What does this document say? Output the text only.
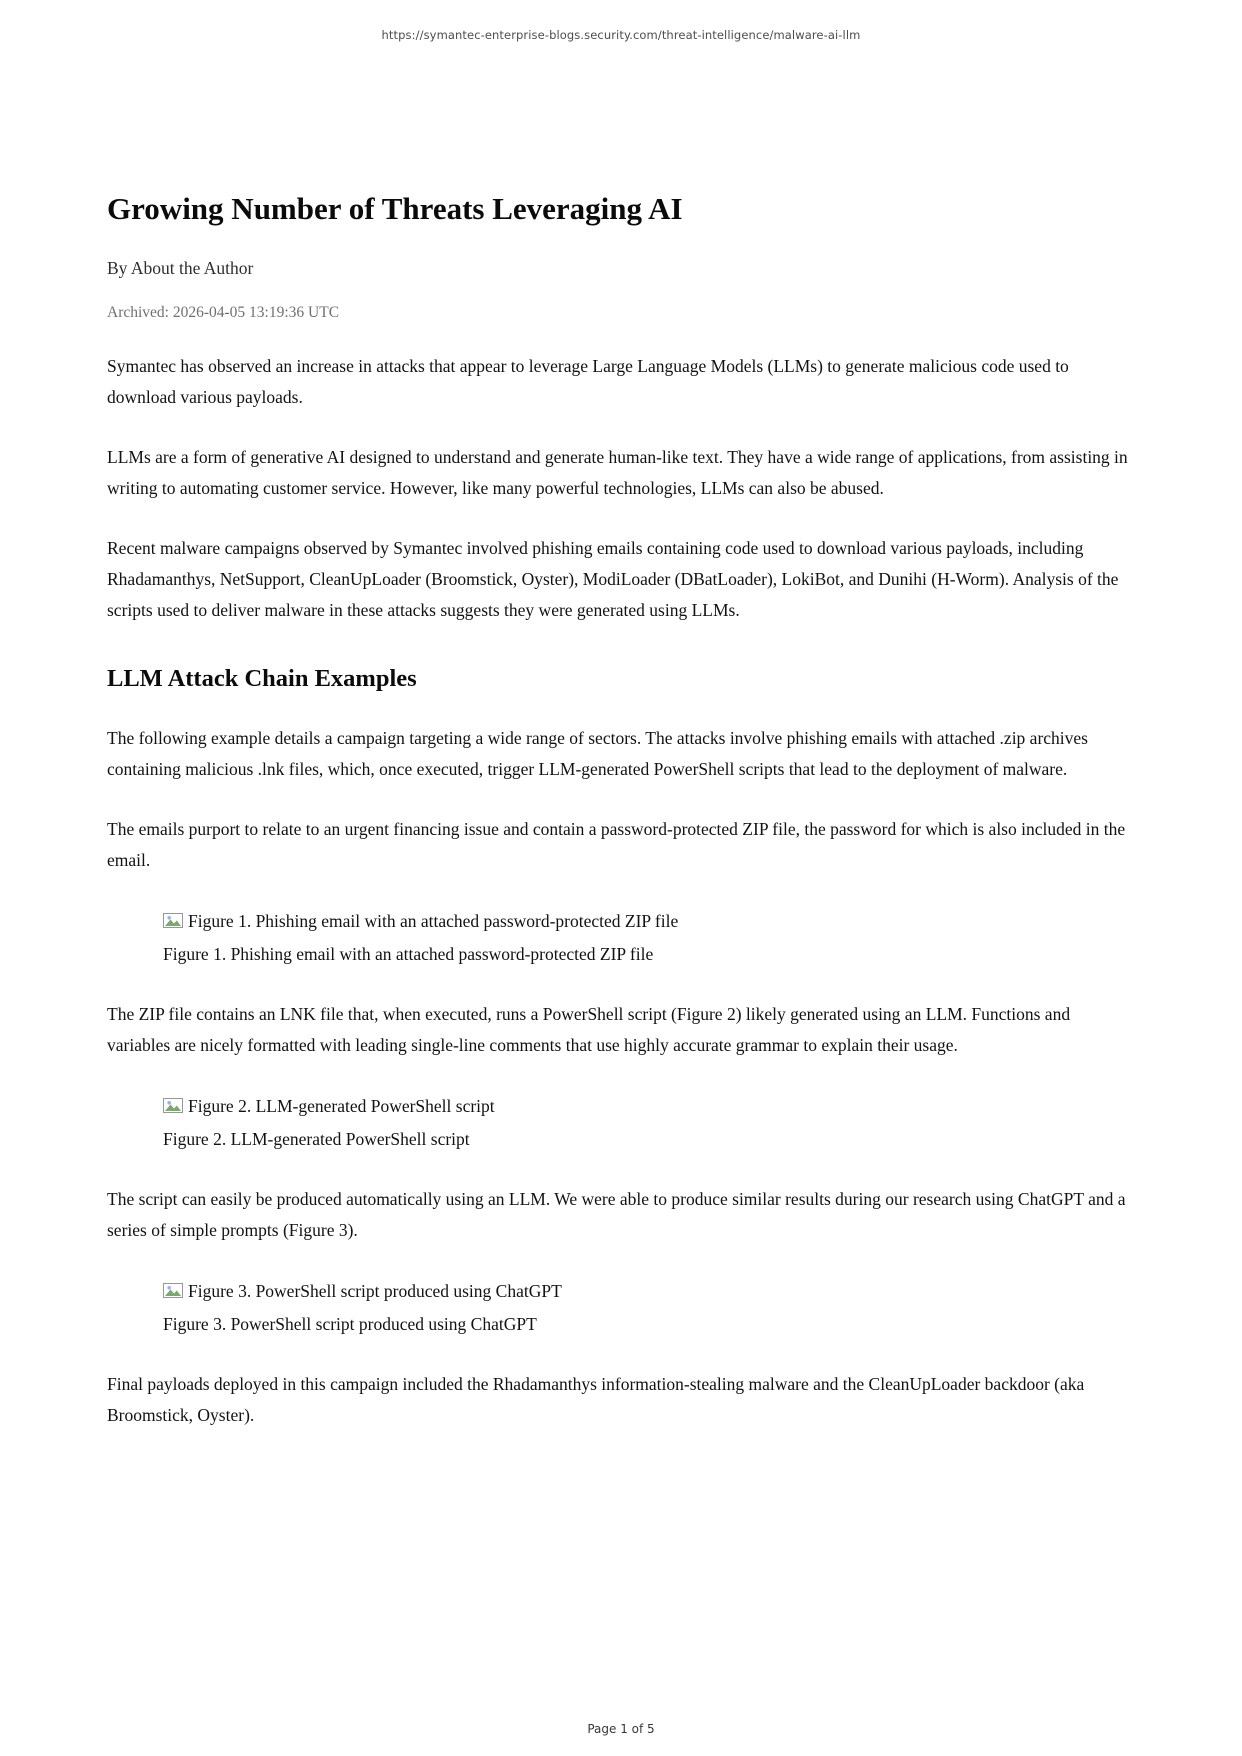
https://symantec-enterprise-blogs.security.com/threat-intelligence/malware-ai-llm
Growing Number of Threats Leveraging AI
By About the Author
Archived: 2026-04-05 13:19:36 UTC

Symantec has observed an increase in attacks that appear to leverage Large Language Models (LLMs) to generate malicious code used to download various payloads.

LLMs are a form of generative AI designed to understand and generate human-like text. They have a wide range of applications, from assisting in writing to automating customer service. However, like many powerful technologies, LLMs can also be abused.

Recent malware campaigns observed by Symantec involved phishing emails containing code used to download various payloads, including Rhadamanthys, NetSupport, CleanUpLoader (Broomstick, Oyster), ModiLoader (DBatLoader), LokiBot, and Dunihi (H-Worm). Analysis of the scripts used to deliver malware in these attacks suggests they were generated using LLMs.

LLM Attack Chain Examples

The following example details a campaign targeting a wide range of sectors. The attacks involve phishing emails with attached .zip archives containing malicious .lnk files, which, once executed, trigger LLM-generated PowerShell scripts that lead to the deployment of malware.

The emails purport to relate to an urgent financing issue and contain a password-protected ZIP file, the password for which is also included in the email.

Figure 1. Phishing email with an attached password-protected ZIP file
Figure 1. Phishing email with an attached password-protected ZIP file

The ZIP file contains an LNK file that, when executed, runs a PowerShell script (Figure 2) likely generated using an LLM. Functions and variables are nicely formatted with leading single-line comments that use highly accurate grammar to explain their usage.

Figure 2. LLM-generated PowerShell script
Figure 2. LLM-generated PowerShell script

The script can easily be produced automatically using an LLM. We were able to produce similar results during our research using ChatGPT and a series of simple prompts (Figure 3).

Figure 3. PowerShell script produced using ChatGPT
Figure 3. PowerShell script produced using ChatGPT

Final payloads deployed in this campaign included the Rhadamanthys information-stealing malware and the CleanUpLoader backdoor (aka Broomstick, Oyster).

Page 1 of 5
